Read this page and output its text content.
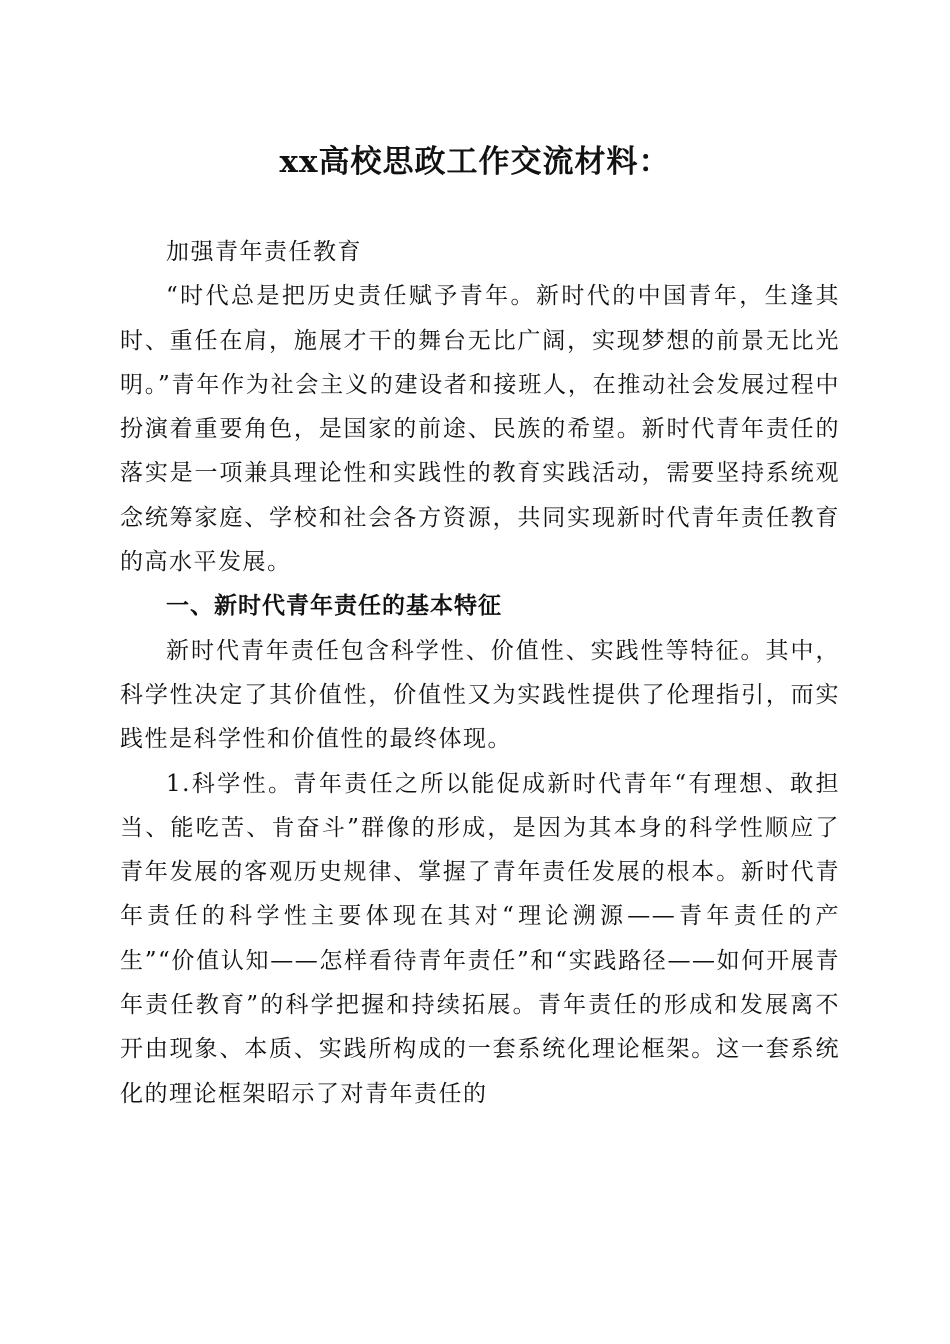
xx高校思政工作交流材料：

加强青年责任教育

“时代总是把历史责任赋予青年。新时代的中国青年，生逢其时、重任在肩，施展才干的舞台无比广阔，实现梦想的前景无比光明。”青年作为社会主义的建设者和接班人，在推动社会发展过程中扮演着重要角色，是国家的前途、民族的希望。新时代青年责任的落实是一项兼具理论性和实践性的教育实践活动，需要坚持系统观念统筹家庭、学校和社会各方资源，共同实现新时代青年责任教育的高水平发展。

一、新时代青年责任的基本特征

新时代青年责任包含科学性、价值性、实践性等特征。其中，科学性决定了其价值性，价值性又为实践性提供了伦理指引，而实践性是科学性和价值性的最终体现。

1.科学性。青年责任之所以能促成新时代青年“有理想、敢担当、能吃苦、肯奋斗”群像的形成，是因为其本身的科学性顺应了青年发展的客观历史规律、掌握了青年责任发展的根本。新时代青年责任的科学性主要体现在其对“理论溯源——青年责任的产生”“价值认知——怎样看待青年责任”和“实践路径——如何开展青年责任教育”的科学把握和持续拓展。青年责任的形成和发展离不开由现象、本质、实践所构成的一套系统化理论框架。这一套系统化的理论框架昭示了对青年责任的
